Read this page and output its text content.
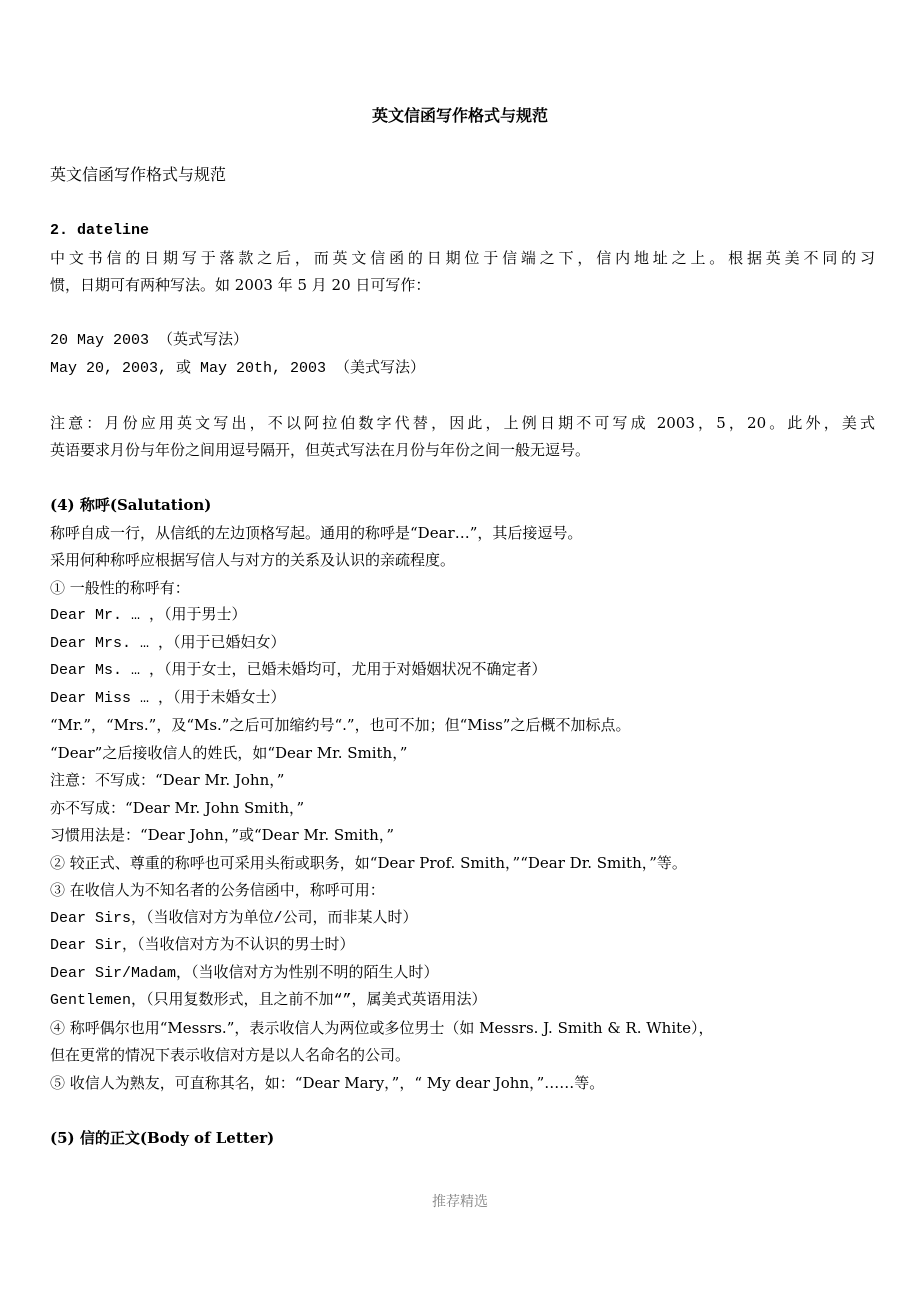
英文信函写作格式与规范
英文信函写作格式与规范
2. dateline
中文书信的日期写于落款之后，而英文信函的日期位于信端之下，信内地址之上。根据英美不同的习
惯，日期可有两种写法。如 2003 年 5 月 20 日可写作：
20 May 2003 （英式写法）
May 20, 2003, 或 May 20th, 2003 （美式写法）
注意：月份应用英文写出，不以阿拉伯数字代替，因此，上例日期不可写成 2003，5，20。此外，美式
英语要求月份与年份之间用逗号隔开，但英式写法在月份与年份之间一般无逗号。
(4) 称呼(Salutation)
称呼自成一行，从信纸的左边顶格写起。通用的称呼是“Dear…”，其后接逗号。
采用何种称呼应根据写信人与对方的关系及认识的亲疏程度。
① 一般性的称呼有：
Dear Mr. … ，（用于男士）
Dear Mrs. … ，（用于已婚妇女）
Dear Ms. … ，（用于女士，已婚未婚均可，尤用于对婚姻状况不确定者）
Dear Miss … ，（用于未婚女士）
“Mr.”，“Mrs.”，及“Ms.”之后可加缩约号“.”，也可不加；但“Miss”之后概不加标点。
“Dear”之后接收信人的姓氏，如“Dear Mr. Smith，”
注意：不写成：“Dear Mr. John，”
亦不写成：“Dear Mr. John Smith，”
习惯用法是：“Dear John，”或“Dear Mr. Smith，”
② 较正式、尊重的称呼也可采用头衔或职务，如“Dear Prof. Smith，”“Dear Dr. Smith，”等。
③ 在收信人为不知名者的公务信函中，称呼可用：
Dear Sirs，（当收信对方为单位/公司，而非某人时）
Dear Sir，（当收信对方为不认识的男士时）
Dear Sir/Madam，（当收信对方为性别不明的陌生人时）
Gentlemen，（只用复数形式，且之前不加“”，属美式英语用法）
④ 称呼偶尔也用“Messrs.”，表示收信人为两位或多位男士（如 Messrs. J. Smith & R. White），
但在更常的情况下表示收信对方是以人名命名的公司。
⑤ 收信人为熟友，可直称其名，如：“Dear Mary，”，“ My dear John，”……等。
(5) 信的正文(Body of Letter)
推荐精选
